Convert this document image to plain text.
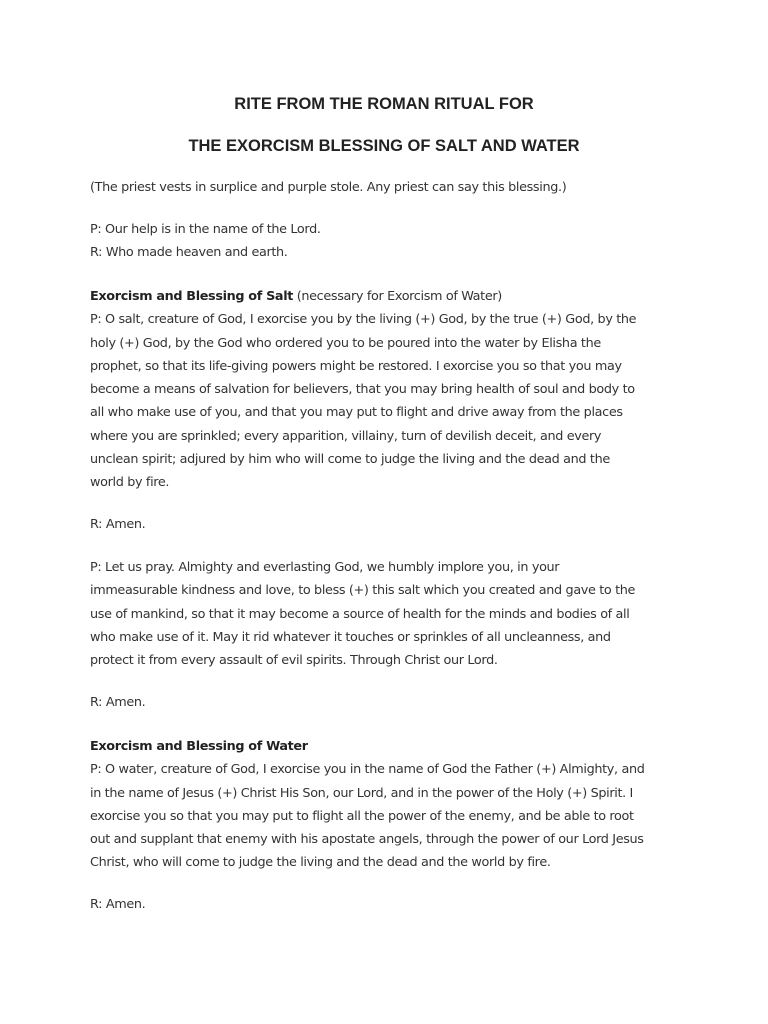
RITE FROM THE ROMAN RITUAL FOR
THE EXORCISM BLESSING OF SALT AND WATER

(The priest vests in surplice and purple stole. Any priest can say this blessing.)

P: Our help is in the name of the Lord.
R: Who made heaven and earth.

Exorcism and Blessing of Salt (necessary for Exorcism of Water)
P: O salt, creature of God, I exorcise you by the living (+) God, by the true (+) God, by the
holy (+) God, by the God who ordered you to be poured into the water by Elisha the
prophet, so that its life-giving powers might be restored. I exorcise you so that you may
become a means of salvation for believers, that you may bring health of soul and body to
all who make use of you, and that you may put to flight and drive away from the places
where you are sprinkled; every apparition, villainy, turn of devilish deceit, and every
unclean spirit; adjured by him who will come to judge the living and the dead and the
world by fire.

R: Amen.

P: Let us pray. Almighty and everlasting God, we humbly implore you, in your
immeasurable kindness and love, to bless (+) this salt which you created and gave to the
use of mankind, so that it may become a source of health for the minds and bodies of all
who make use of it. May it rid whatever it touches or sprinkles of all uncleanness, and
protect it from every assault of evil spirits. Through Christ our Lord.

R: Amen.

Exorcism and Blessing of Water
P: O water, creature of God, I exorcise you in the name of God the Father (+) Almighty, and
in the name of Jesus (+) Christ His Son, our Lord, and in the power of the Holy (+) Spirit. I
exorcise you so that you may put to flight all the power of the enemy, and be able to root
out and supplant that enemy with his apostate angels, through the power of our Lord Jesus
Christ, who will come to judge the living and the dead and the world by fire.

R: Amen.
